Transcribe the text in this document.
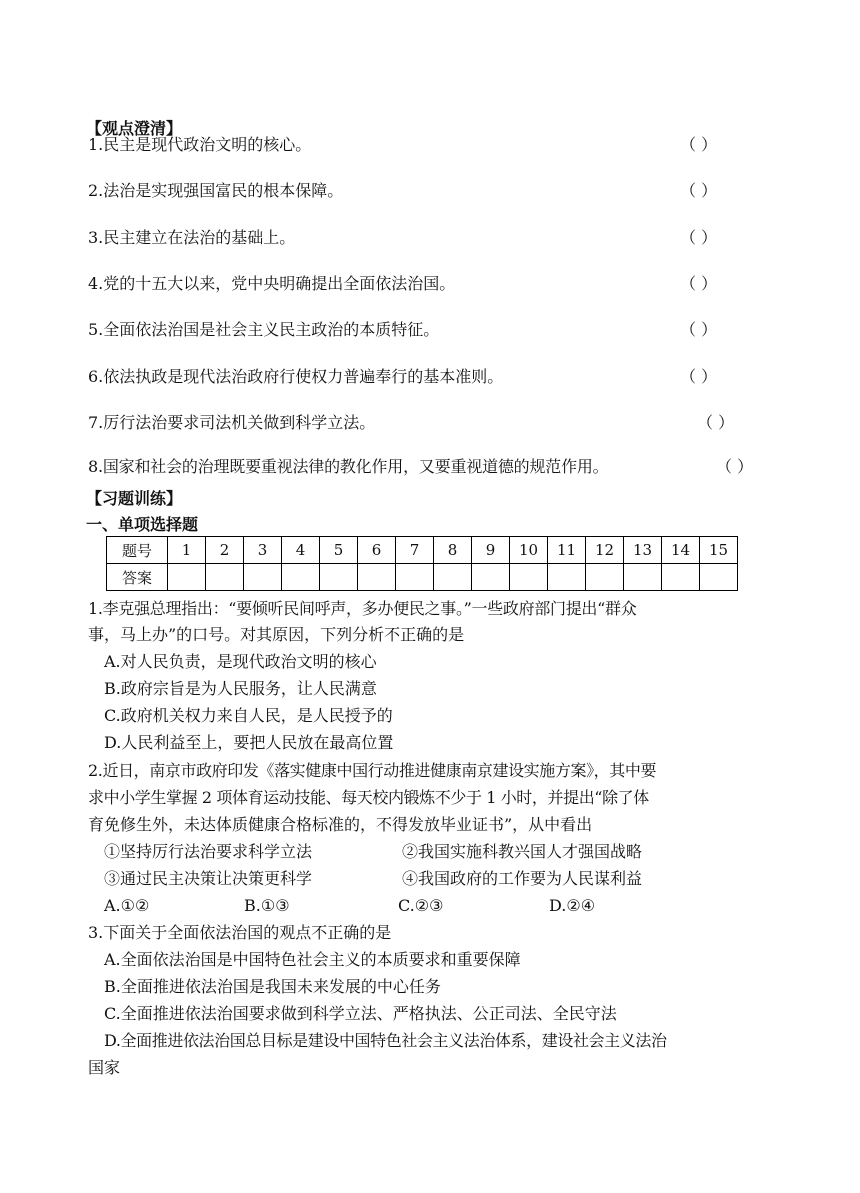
【观点澄清】
1.民主是现代政治文明的核心。	（ ）
2.法治是实现强国富民的根本保障。	（ ）
3.民主建立在法治的基础上。	（ ）
4.党的十五大以来，党中央明确提出全面依法治国。	（ ）
5.全面依法治国是社会主义民主政治的本质特征。	（ ）
6.依法执政是现代法治政府行使权力普遍奉行的基本准则。	（ ）
7.厉行法治要求司法机关做到科学立法。	（ ）
8.国家和社会的治理既要重视法律的教化作用，又要重视道德的规范作用。	（ ）
【习题训练】
一、单项选择题
题号	1	2	3	4	5	6	7	8	9	10	11	12	13	14	15
答案															
1.李克强总理指出：“要倾听民间呼声，多办便民之事。”一些政府部门提出“群众
事，马上办”的口号。对其原因，下列分析不正确的是
A.对人民负责，是现代政治文明的核心
B.政府宗旨是为人民服务，让人民满意
C.政府机关权力来自人民，是人民授予的
D.人民利益至上，要把人民放在最高位置
2.近日，南京市政府印发《落实健康中国行动推进健康南京建设实施方案》，其中要
求中小学生掌握 2 项体育运动技能、每天校内锻炼不少于 1 小时，并提出“除了体
育免修生外，未达体质健康合格标准的，不得发放毕业证书”，从中看出
①坚持厉行法治要求科学立法	②我国实施科教兴国人才强国战略
③通过民主决策让决策更科学	④我国政府的工作要为人民谋利益
A.①②	B.①③	C.②③	D.②④
3.下面关于全面依法治国的观点不正确的是
A.全面依法治国是中国特色社会主义的本质要求和重要保障
B.全面推进依法治国是我国未来发展的中心任务
C.全面推进依法治国要求做到科学立法、严格执法、公正司法、全民守法
D.全面推进依法治国总目标是建设中国特色社会主义法治体系，建设社会主义法治
国家
